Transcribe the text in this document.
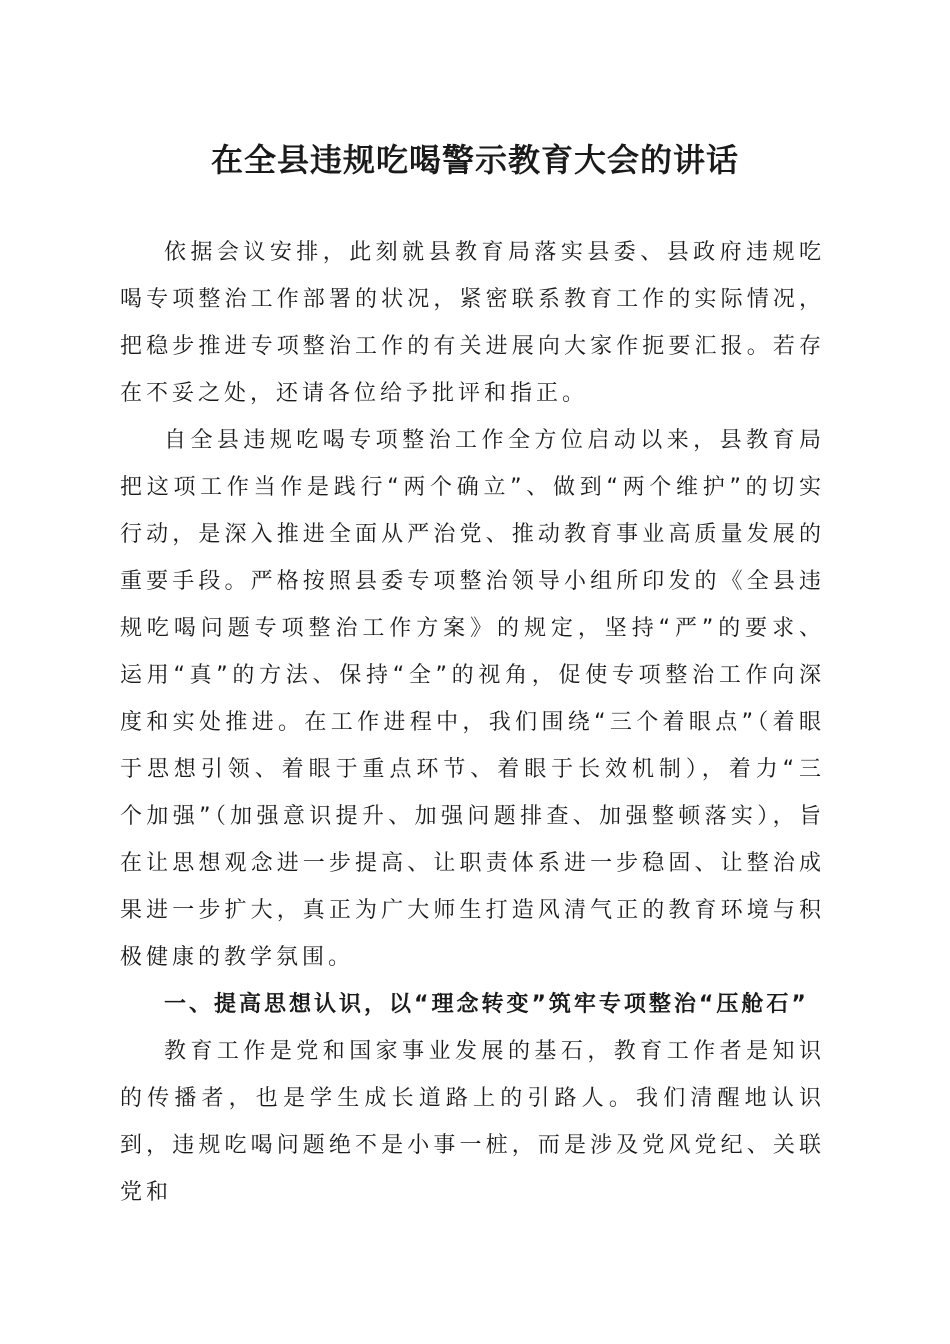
在全县违规吃喝警示教育大会的讲话

依据会议安排，此刻就县教育局落实县委、县政府违规吃喝专项整治工作部署的状况，紧密联系教育工作的实际情况，把稳步推进专项整治工作的有关进展向大家作扼要汇报。若存在不妥之处，还请各位给予批评和指正。

自全县违规吃喝专项整治工作全方位启动以来，县教育局把这项工作当作是践行“两个确立”、做到“两个维护”的切实行动，是深入推进全面从严治党、推动教育事业高质量发展的重要手段。严格按照县委专项整治领导小组所印发的《全县违规吃喝问题专项整治工作方案》的规定，坚持“严”的要求、运用“真”的方法、保持“全”的视角，促使专项整治工作向深度和实处推进。在工作进程中，我们围绕“三个着眼点”（着眼于思想引领、着眼于重点环节、着眼于长效机制），着力“三个加强”（加强意识提升、加强问题排查、加强整顿落实），旨在让思想观念进一步提高、让职责体系进一步稳固、让整治成果进一步扩大，真正为广大师生打造风清气正的教育环境与积极健康的教学氛围。

一、提高思想认识，以“理念转变”筑牢专项整治“压舱石”

教育工作是党和国家事业发展的基石，教育工作者是知识的传播者，也是学生成长道路上的引路人。我们清醒地认识到，违规吃喝问题绝不是小事一桩，而是涉及党风党纪、关联党和
